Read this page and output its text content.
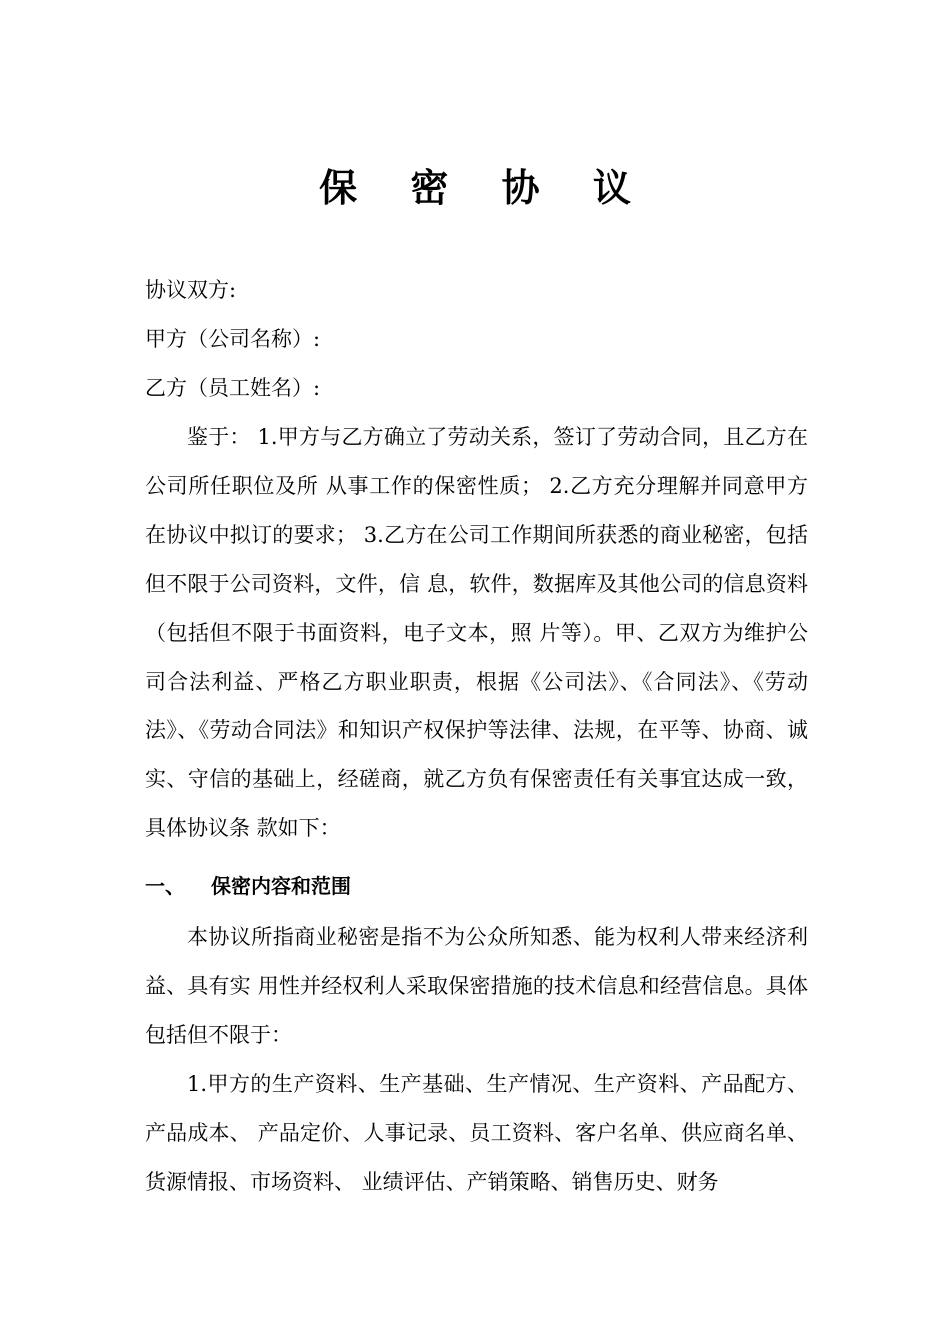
保 密 协 议
协议双方:
甲方（公司名称）:
乙方（员工姓名）:

鉴于： 1.甲方与乙方确立了劳动关系，签订了劳动合同，且乙方在公司所任职位及所 从事工作的保密性质； 2.乙方充分理解并同意甲方在协议中拟订的要求； 3.乙方在公司工作期间所获悉的商业秘密，包括但不限于公司资料，文件，信 息，软件，数据库及其他公司的信息资料（包括但不限于书面资料，电子文本，照 片等）。甲、乙双方为维护公司合法利益、严格乙方职业职责，根据《公司法》、《合同法》、《劳动法》、《劳动合同法》和知识产权保护等法律、法规，在平等、协商、诚 实、守信的基础上，经磋商，就乙方负有保密责任有关事宜达成一致，具体协议条 款如下：

一、 保密内容和范围

本协议所指商业秘密是指不为公众所知悉、能为权利人带来经济利益、具有实 用性并经权利人采取保密措施的技术信息和经营信息。具体包括但不限于：

1.甲方的生产资料、生产基础、生产情况、生产资料、产品配方、产品成本、 产品定价、人事记录、员工资料、客户名单、供应商名单、货源情报、市场资料、 业绩评估、产销策略、销售历史、财务
